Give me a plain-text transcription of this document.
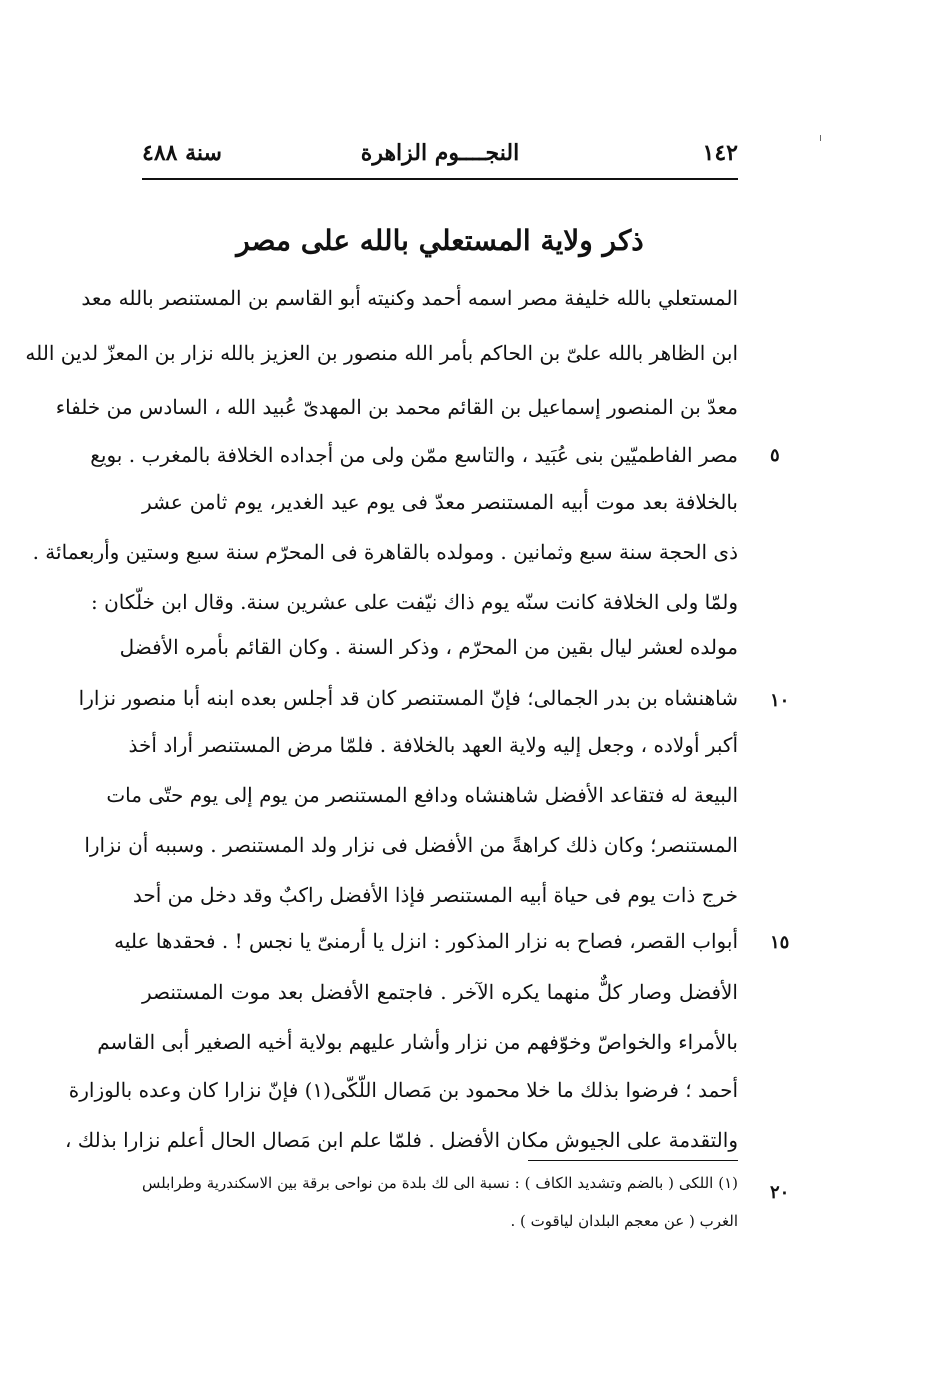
١٤٢
النجــــوم الزاهرة
سنة ٤٨٨
ذكر ولاية المستعلي بالله على مصر
المستعلي بالله خليفة مصر اسمه أحمد وكنيته أبو القاسم بن المستنصر بالله معد
ابن الظاهر بالله علىّ بن الحاكم بأمر الله منصور بن العزيز بالله نزار بن المعزّ لدين الله
معدّ بن المنصور إسماعيل بن القائم محمد بن المهدىّ عُبيد الله ، السادس من خلفاء
مصر الفاطميّين بنى عُبَيد ، والتاسع ممّن ولى من أجداده الخلافة بالمغرب . بويع
بالخلافة بعد موت أبيه المستنصر معدّ فى يوم عيد الغدير، يوم ثامن عشر
ذى الحجة سنة سبع وثمانين . ومولده بالقاهرة فى المحرّم سنة سبع وستين وأربعمائة .
ولمّا ولى الخلافة كانت سنّه يوم ذاك نيّفت على عشرين سنة. وقال ابن خلّكان :
مولده لعشر ليال بقين من المحرّم ، وذكر السنة . وكان القائم بأمره الأفضل
شاهنشاه بن بدر الجمالى؛ فإنّ المستنصر كان قد أجلس بعده ابنه أبا منصور نزارا
أكبر أولاده ، وجعل إليه ولاية العهد بالخلافة . فلمّا مرض المستنصر أراد أخذ
البيعة له فتقاعد الأفضل شاهنشاه ودافع المستنصر من يوم إلى يوم حتّى مات
المستنصر؛ وكان ذلك كراهةً من الأفضل فى نزار ولد المستنصر . وسببه أن نزارا
خرج ذات يوم فى حياة أبيه المستنصر فإذا الأفضل راكبٌ وقد دخل من أحد
أبواب القصر، فصاح به نزار المذكور : انزل يا أرمنىّ يا نجس ! . فحقدها عليه
الأفضل وصار كلٌّ منهما يكره الآخر . فاجتمع الأفضل بعد موت المستنصر
بالأمراء والخواصّ وخوّفهم من نزار وأشار عليهم بولاية أخيه الصغير أبى القاسم
أحمد ؛ فرضوا بذلك ما خلا محمود بن مَصال اللّكّى(١) فإنّ نزارا كان وعده بالوزارة
والتقدمة على الجيوش مكان الأفضل . فلمّا علم ابن مَصال الحال أعلم نزارا بذلك ،
٥
١٠
١٥
٢٠
(١) اللكى ( بالضم وتشديد الكاف ) : نسبة الى لك بلدة من نواحى برقة بين الاسكندرية وطرابلس
الغرب ( عن معجم البلدان لياقوت ) .
